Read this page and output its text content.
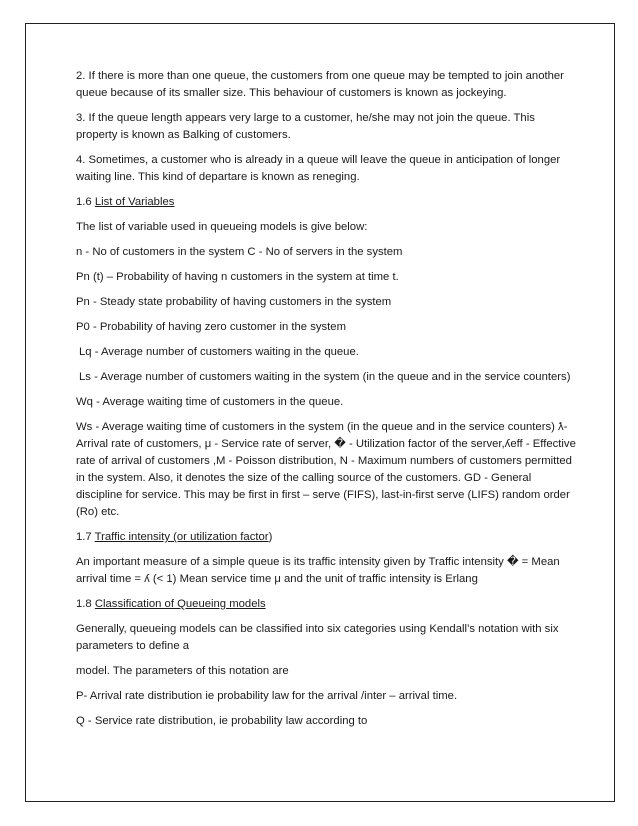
2. If there is more than one queue, the customers from one queue may be tempted to join another queue because of its smaller size. This behaviour of customers is known as jockeying.

3. If the queue length appears very large to a customer, he/she may not join the queue. This property is known as Balking of customers.

4. Sometimes, a customer who is already in a queue will leave the queue in anticipation of longer waiting line. This kind of departare is known as reneging.

1.6 List of Variables

The list of variable used in queueing models is give below:

n - No of customers in the system C - No of servers in the system

Pn (t) – Probability of having n customers in the system at time t.

Pn - Steady state probability of having customers in the system

P0 - Probability of having zero customer in the system

Lq - Average number of customers waiting in the queue.

Ls - Average number of customers waiting in the system (in the queue and in the service counters)

Wq - Average waiting time of customers in the queue.

Ws - Average waiting time of customers in the system (in the queue and in the service counters) ƛ- Arrival rate of customers, μ - Service rate of server, � - Utilization factor of the server,ʎeff - Effective rate of arrival of customers ,M - Poisson distribution, N - Maximum numbers of customers permitted in the system. Also, it denotes the size of the calling source of the customers. GD - General discipline for service. This may be first in first – serve (FIFS), last-in-first serve (LIFS) random order (Ro) etc.

1.7 Traffic intensity (or utilization factor)

An important measure of a simple queue is its traffic intensity given by Traffic intensity � = Mean arrival time = ʎ (< 1) Mean service time μ and the unit of traffic intensity is Erlang

1.8 Classification of Queueing models

Generally, queueing models can be classified into six categories using Kendall’s notation with six parameters to define a

model. The parameters of this notation are

P- Arrival rate distribution ie probability law for the arrival /inter – arrival time.

Q - Service rate distribution, ie probability law according to
